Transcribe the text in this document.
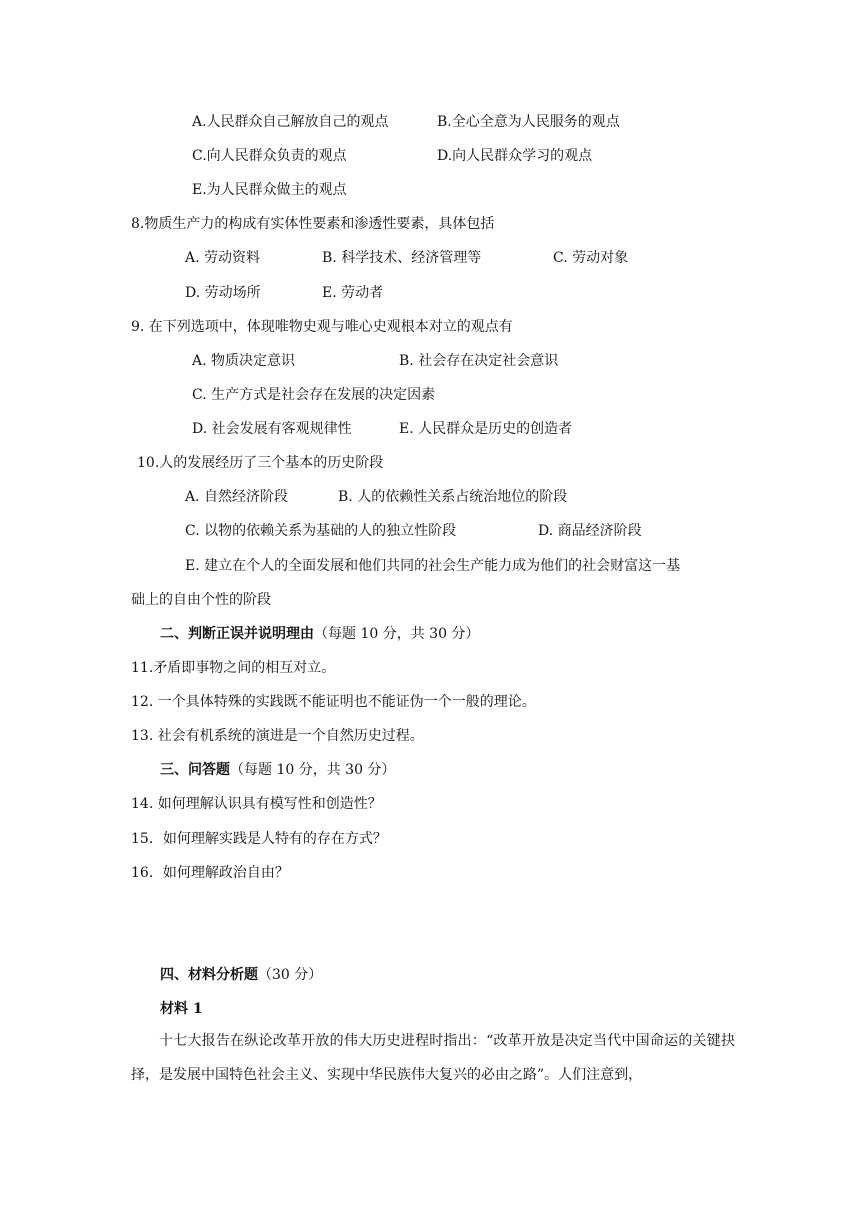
A.人民群众自己解放自己的观点	B.全心全意为人民服务的观点
C.向人民群众负责的观点	D.向人民群众学习的观点
E.为人民群众做主的观点
8.物质生产力的构成有实体性要素和渗透性要素，具体包括
A. 劳动资料	B. 科学技术、经济管理等	C. 劳动对象
D. 劳动场所	E. 劳动者
9. 在下列选项中，体现唯物史观与唯心史观根本对立的观点有
A. 物质决定意识	B. 社会存在决定社会意识
C. 生产方式是社会存在发展的决定因素
D. 社会发展有客观规律性	E. 人民群众是历史的创造者
10.人的发展经历了三个基本的历史阶段
A. 自然经济阶段	B. 人的依赖性关系占统治地位的阶段
C. 以物的依赖关系为基础的人的独立性阶段	D. 商品经济阶段
E. 建立在个人的全面发展和他们共同的社会生产能力成为他们的社会财富这一基
础上的自由个性的阶段
二、判断正误并说明理由（每题 10 分，共 30 分）
11.矛盾即事物之间的相互对立。
12. 一个具体特殊的实践既不能证明也不能证伪一个一般的理论。
13. 社会有机系统的演进是一个自然历史过程。
三、问答题（每题 10 分，共 30 分）
14. 如何理解认识具有模写性和创造性？
15．如何理解实践是人特有的存在方式？
16．如何理解政治自由？
四、材料分析题（30 分）
材料 1
十七大报告在纵论改革开放的伟大历史进程时指出：“改革开放是决定当代中国命运的关键抉择，是发展中国特色社会主义、实现中华民族伟大复兴的必由之路”。人们注意到，
